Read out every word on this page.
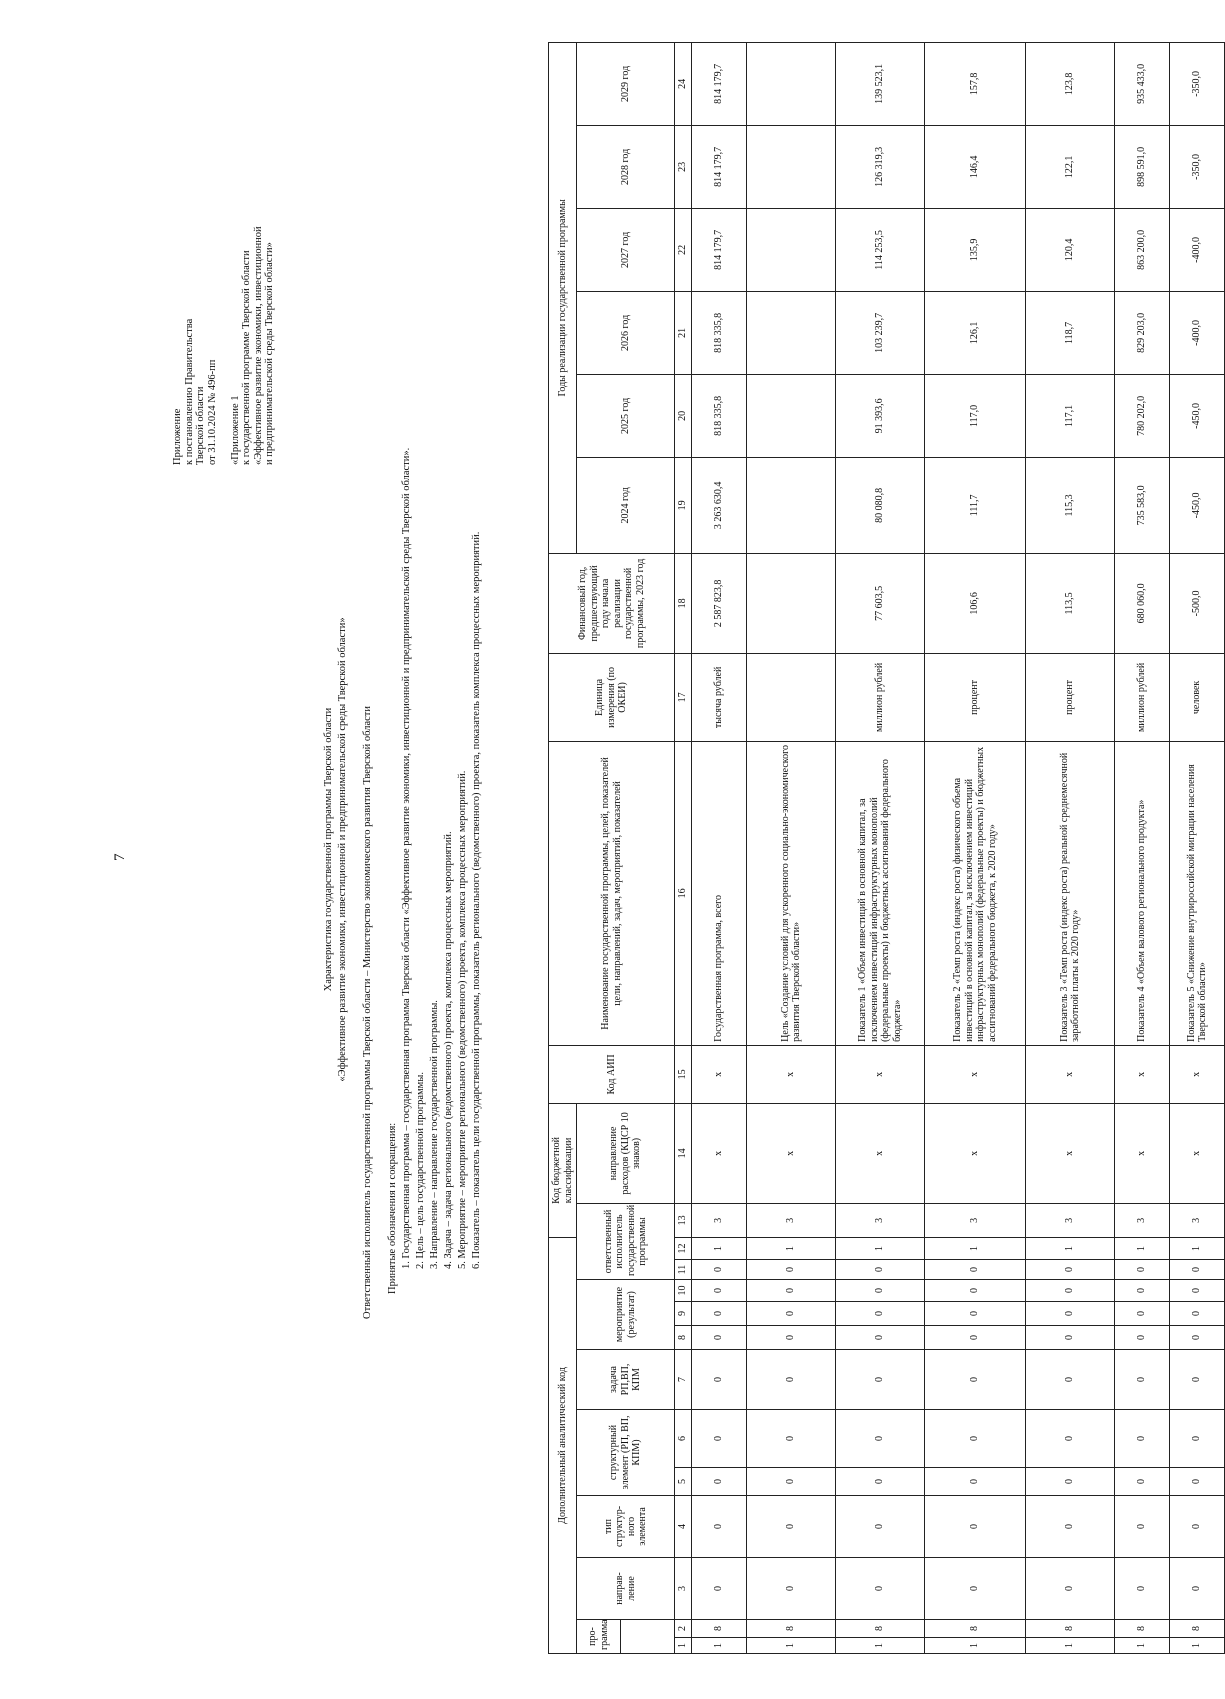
7
Приложение к постановлению Правительства Тверской области от 31.10.2024 № 496-пп
«Приложение 1 к государственной программе Тверской области «Эффективное развитие экономики, инвестиционной и предпринимательской среды Тверской области»
Характеристика государственной программы Тверской области «Эффективное развитие экономики, инвестиционной и предпринимательской среды Тверской области» Ответственный исполнитель государственной программы Тверской области – Министерство экономического развития Тверской области Принятые обозначения и сокращения: 1. Государственная программа – государственная программа Тверской области «Эффективное развитие экономики, инвестиционной и предпринимательской среды Тверской области». 2. Цель – цель государственной программы. 3. Направление – направление государственной программы. 4. Задача – задача регионального (ведомственного) проекта, комплекса процессных мероприятий. 5. Мероприятие – мероприятие регионального (ведомственного) проекта, комплекса процессных мероприятий. 6. Показатель – показатель цели государственной программы, показатель регионального (ведомственного) проекта, показатель комплекса процессных мероприятий.
Дополнительный аналитический код												Код бюджетной классификации		Код АИП	Наименование государственной программы, целей, показателей цели, направлений, задач, мероприятий, показателей	Единица измерения (по ОКЕИ)	Финансовый год, предшествующий году начала реализации государственной программы, 2023 год	Годы реализации государственной программы					
про-грамма		направ-ление	тип структур-ного элемента	структурный элемент (РП, ВП, КПМ)		задача РП,ВП, КПМ	мероприятие (результат)			ответственный исполнитель государственной программы			направление расходов (КЦСР 10 знаков)					2024 год	2025 год	2026 год	2027 год	2028 год	2029 год

1	2	3	4	5	6	7	8	9	10	11	12	13	14	15	16	17	18	19	20	21	22	23	24
1	8	0	0	0	0	0	0	0	0	0	1	3	х	х	Государственная программа, всего	тысяча рублей	2 587 823,8	3 263 630,4	818 335,8	818 335,8	814 179,7	814 179,7	814 179,7
1	8	0	0	0	0	0	0	0	0	0	1	3	х	х	Цель «Создание условий для ускоренного социально-экономического развития Тверской области»								
1	8	0	0	0	0	0	0	0	0	0	1	3	х	х	Показатель 1 «Объем инвестиций в основной капитал, за исключением инвестиций инфраструктурных монополий (федеральные проекты) и бюджетных ассигнований федерального бюджета»	миллион рублей	77 603,5	80 080,8	91 393,6	103 239,7	114 253,5	126 319,3	139 523,1
1	8	0	0	0	0	0	0	0	0	0	1	3	х	х	Показатель 2 «Темп роста (индекс роста) физического объема инвестиций в основной капитал, за исключением инвестиций инфраструктурных монополий (федеральные проекты) и бюджетных ассигнований федерального бюджета, к 2020 году»	процент	106,6	111,7	117,0	126,1	135,9	146,4	157,8
1	8	0	0	0	0	0	0	0	0	0	1	3	х	х	Показатель 3 «Темп роста (индекс роста) реальной среднемесячной заработной платы к 2020 году»	процент	113,5	115,3	117,1	118,7	120,4	122,1	123,8
1	8	0	0	0	0	0	0	0	0	0	1	3	х	х	Показатель 4 «Объем валового регионального продукта»	миллион рублей	680 060,0	735 583,0	780 202,0	829 203,0	863 200,0	898 591,0	935 433,0
1	8	0	0	0	0	0	0	0	0	0	1	3	х	х	Показатель 5 «Снижение внутрироссийской миграции населения Тверской области»	человек	-500,0	-450,0	-450,0	-400,0	-400,0	-350,0	-350,0
